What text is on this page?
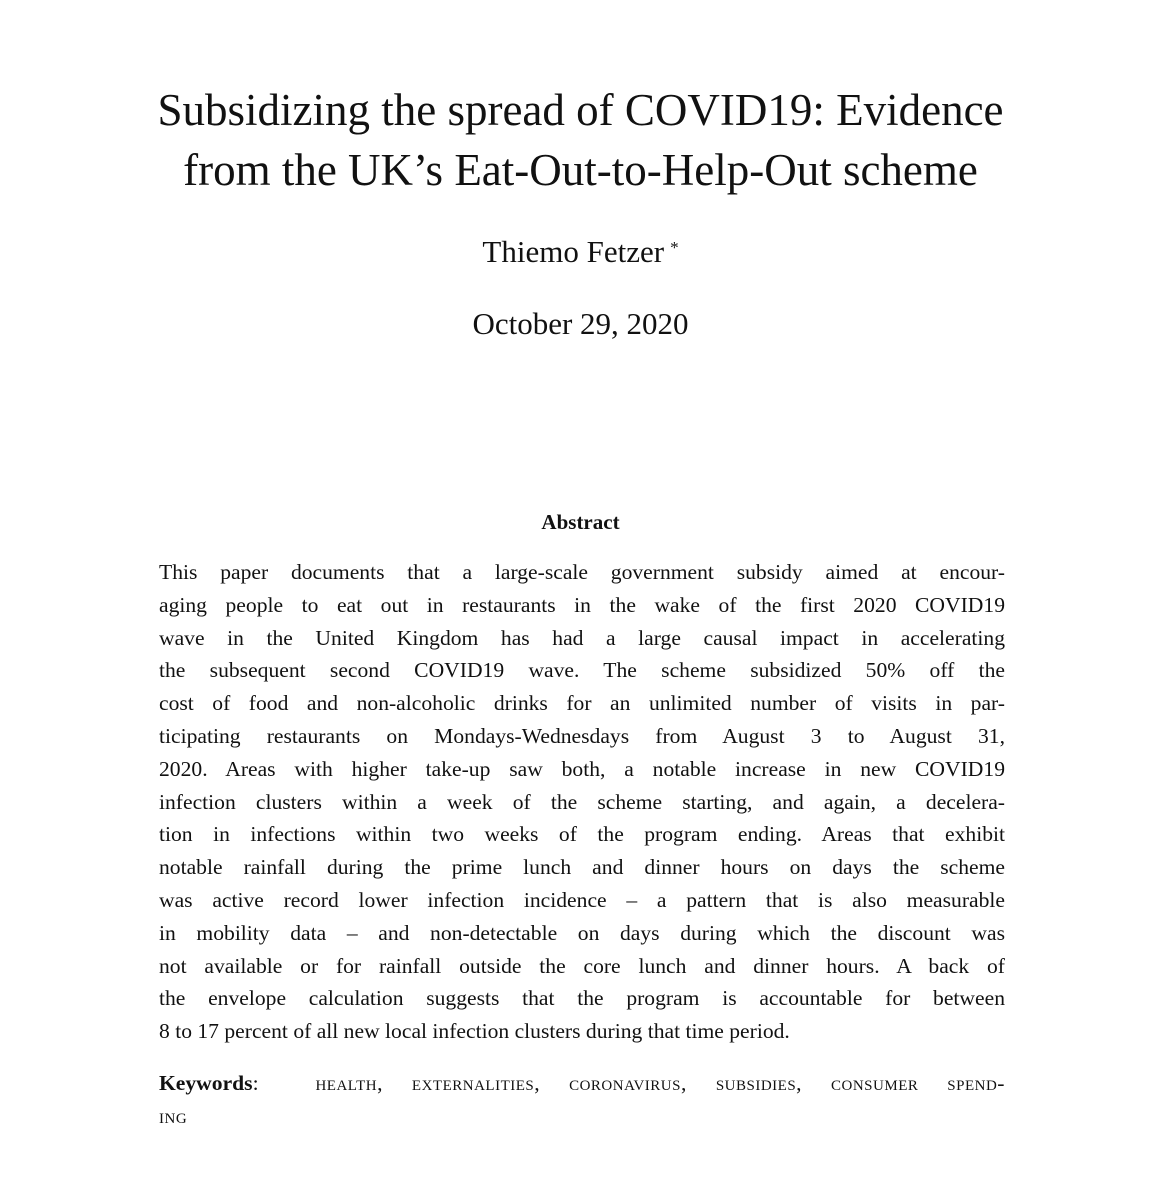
Subsidizing the spread of COVID19: Evidence
from the UK’s Eat-Out-to-Help-Out scheme
Thiemo Fetzer *
October 29, 2020
Abstract
This paper documents that a large-scale government subsidy aimed at encour-
aging people to eat out in restaurants in the wake of the first 2020 COVID19
wave in the United Kingdom has had a large causal impact in accelerating
the subsequent second COVID19 wave. The scheme subsidized 50% off the
cost of food and non-alcoholic drinks for an unlimited number of visits in par-
ticipating restaurants on Mondays-Wednesdays from August 3 to August 31,
2020. Areas with higher take-up saw both, a notable increase in new COVID19
infection clusters within a week of the scheme starting, and again, a decelera-
tion in infections within two weeks of the program ending. Areas that exhibit
notable rainfall during the prime lunch and dinner hours on days the scheme
was active record lower infection incidence – a pattern that is also measurable
in mobility data – and non-detectable on days during which the discount was
not available or for rainfall outside the core lunch and dinner hours. A back of
the envelope calculation suggests that the program is accountable for between
8 to 17 percent of all new local infection clusters during that time period.
Keywords:  health, externalities, coronavirus, subsidies, consumer spend-
ing
